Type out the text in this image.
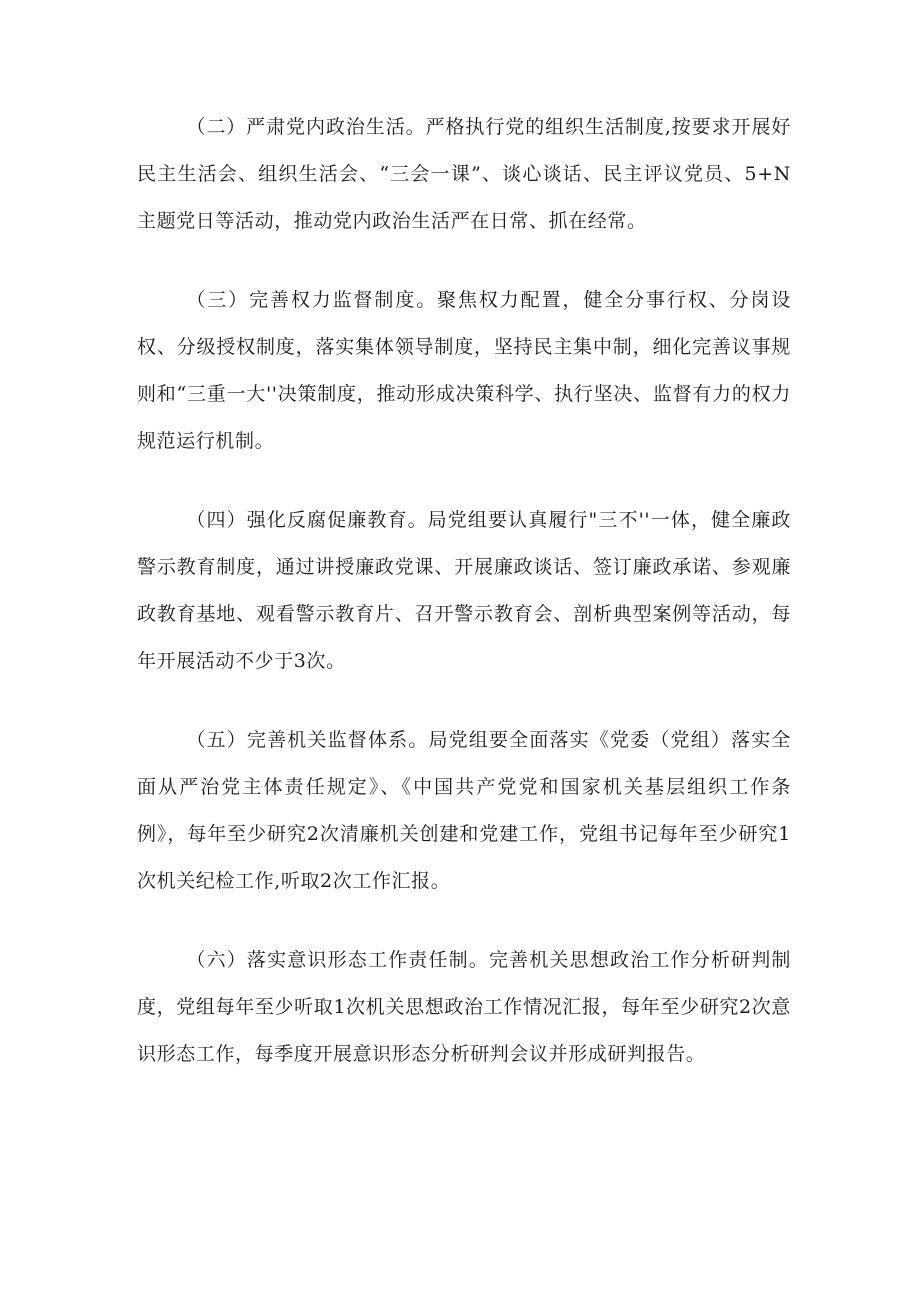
（二）严肃党内政治生活。严格执行党的组织生活制度,按要求开展好民主生活会、组织生活会、“三会一课”、谈心谈话、民主评议党员、5+N主题党日等活动，推动党内政治生活严在日常、抓在经常。

（三）完善权力监督制度。聚焦权力配置，健全分事行权、分岗设权、分级授权制度，落实集体领导制度，坚持民主集中制，细化完善议事规则和“三重一大''决策制度，推动形成决策科学、执行坚决、监督有力的权力规范运行机制。

（四）强化反腐促廉教育。局党组要认真履行"三不''一体，健全廉政警示教育制度，通过讲授廉政党课、开展廉政谈话、签订廉政承诺、参观廉政教育基地、观看警示教育片、召开警示教育会、剖析典型案例等活动，每年开展活动不少于3次。

（五）完善机关监督体系。局党组要全面落实《党委（党组）落实全面从严治党主体责任规定》、《中国共产党党和国家机关基层组织工作条例》，每年至少研究2次清廉机关创建和党建工作，党组书记每年至少研究1次机关纪检工作,听取2次工作汇报。

（六）落实意识形态工作责任制。完善机关思想政治工作分析研判制度，党组每年至少听取1次机关思想政治工作情况汇报，每年至少研究2次意识形态工作，每季度开展意识形态分析研判会议并形成研判报告。
